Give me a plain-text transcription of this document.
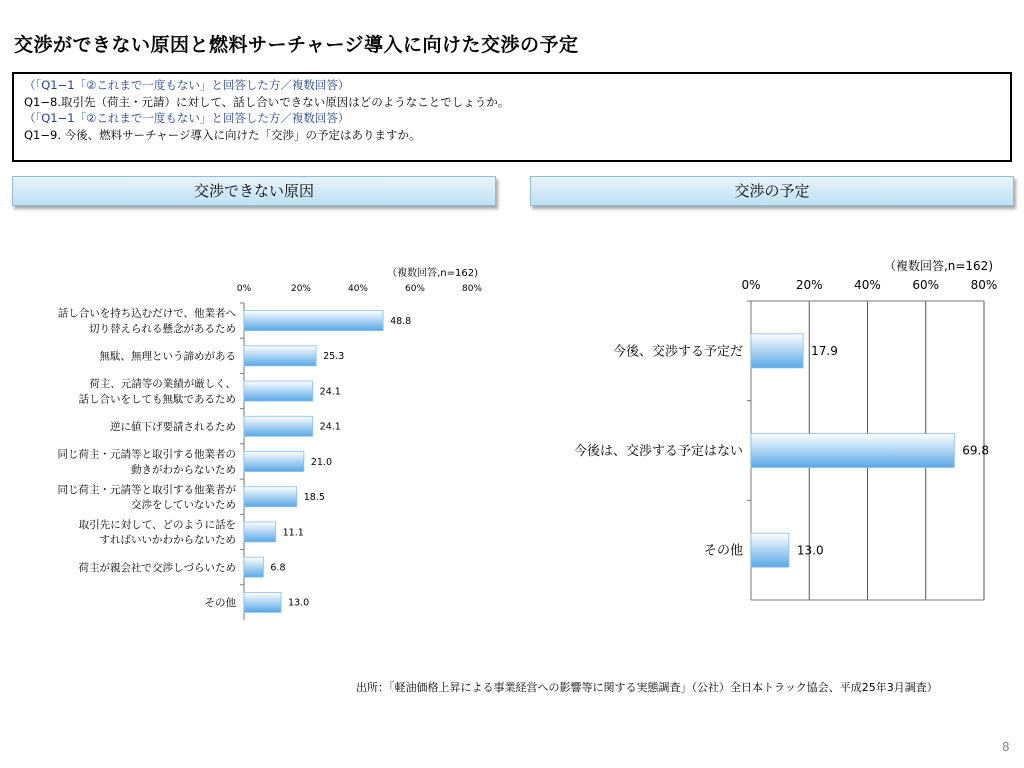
交渉ができない原因と燃料サーチャージ導入に向けた交渉の予定
（「Q1−1「②これまで一度もない」と回答した方／複数回答）
Q1−8.取引先（荷主・元請）に対して、話し合いできない原因はどのようなことでしょうか。
（「Q1−1「②これまで一度もない」と回答した方／複数回答）
Q1−9. 今後、燃料サーチャージ導入に向けた「交渉」の予定はありますか。
交渉できない原因	交渉の予定
（複数回答,n=162)
0%	20%	40%	60%	80%
48.8
話し合いを持ち込むだけで、他業者へ
切り替えられる懸念があるため
25.3
無駄、無理という諦めがある
24.1
荷主、元請等の業績が厳しく、
話し合いをしても無駄であるため
24.1
逆に値下げ要請されるため
21.0
同じ荷主・元請等と取引する他業者の
動きがわからないため
18.5
同じ荷主・元請等と取引する他業者が
交渉をしていないため
11.1
取引先に対して、どのように話を
すればいいかわからないため
6.8
荷主が親会社で交渉しづらいため
13.0
その他
（複数回答,n=162)
0%	20%	40%	60%	80%
17.9
今後、交渉する予定だ
69.8
今後は、交渉する予定はない
13.0
その他
出所：「軽油価格上昇による事業経営への影響等に関する実態調査」（公社）全日本トラック協会、平成25年3月調査）
8
